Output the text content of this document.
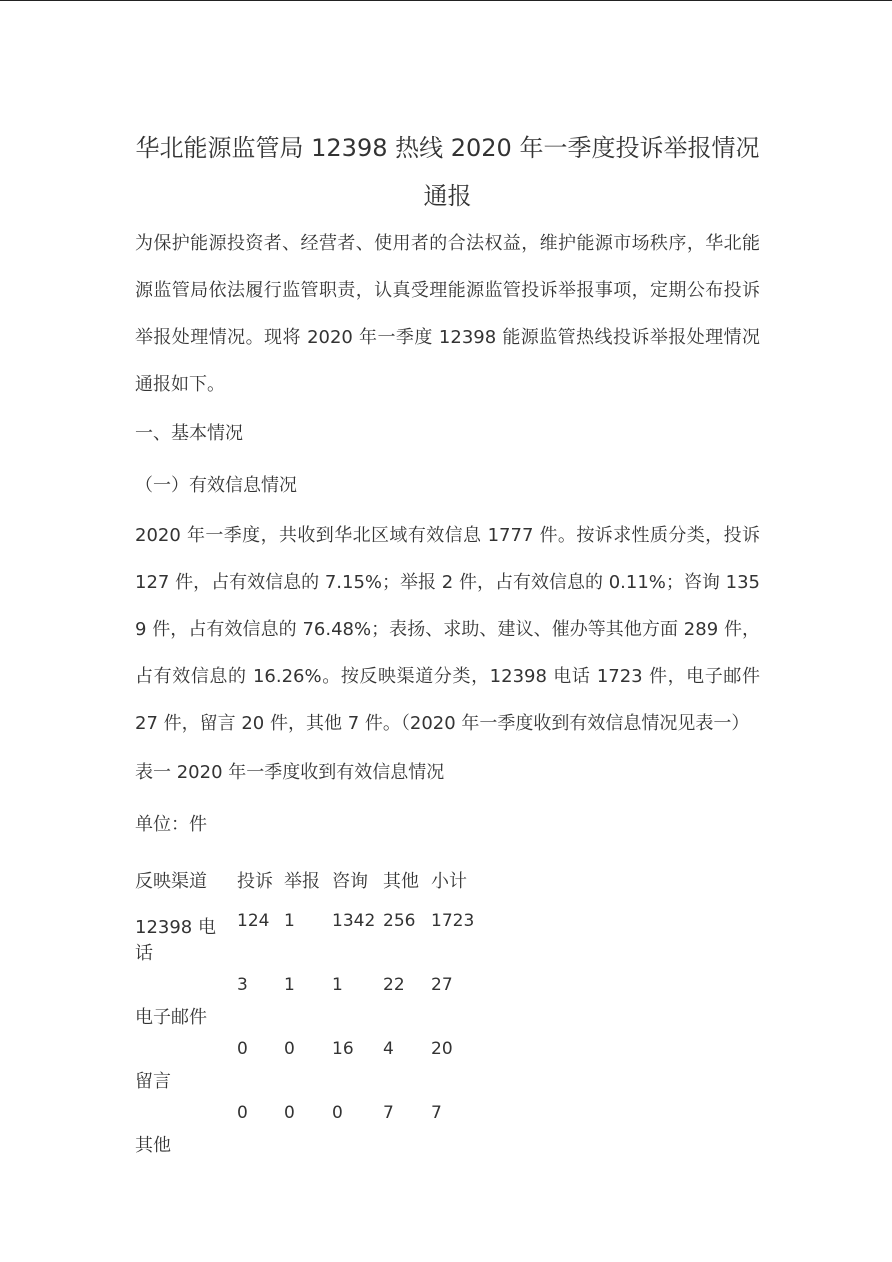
华北能源监管局 12398 热线 2020 年一季度投诉举报情况通报

为保护能源投资者、经营者、使用者的合法权益，维护能源市场秩序，华北能源监管局依法履行监管职责，认真受理能源监管投诉举报事项，定期公布投诉举报处理情况。现将 2020 年一季度 12398 能源监管热线投诉举报处理情况通报如下。

一、基本情况

（一）有效信息情况

2020 年一季度，共收到华北区域有效信息 1777 件。按诉求性质分类，投诉 127 件，占有效信息的 7.15%；举报 2 件，占有效信息的 0.11%；咨询 1359 件，占有效信息的 76.48%；表扬、求助、建议、催办等其他方面 289 件，占有效信息的 16.26%。按反映渠道分类，12398 电话 1723 件，电子邮件 27 件，留言 20 件，其他 7 件。（2020 年一季度收到有效信息情况见表一）

表一 2020 年一季度收到有效信息情况

单位：件

反映渠道	投诉	举报	咨询	其他	小计
12398 电话	124	1	1342	256	1723
电子邮件	3	1	1	22	27
留言	0	0	16	4	20
其他	0	0	0	7	7
